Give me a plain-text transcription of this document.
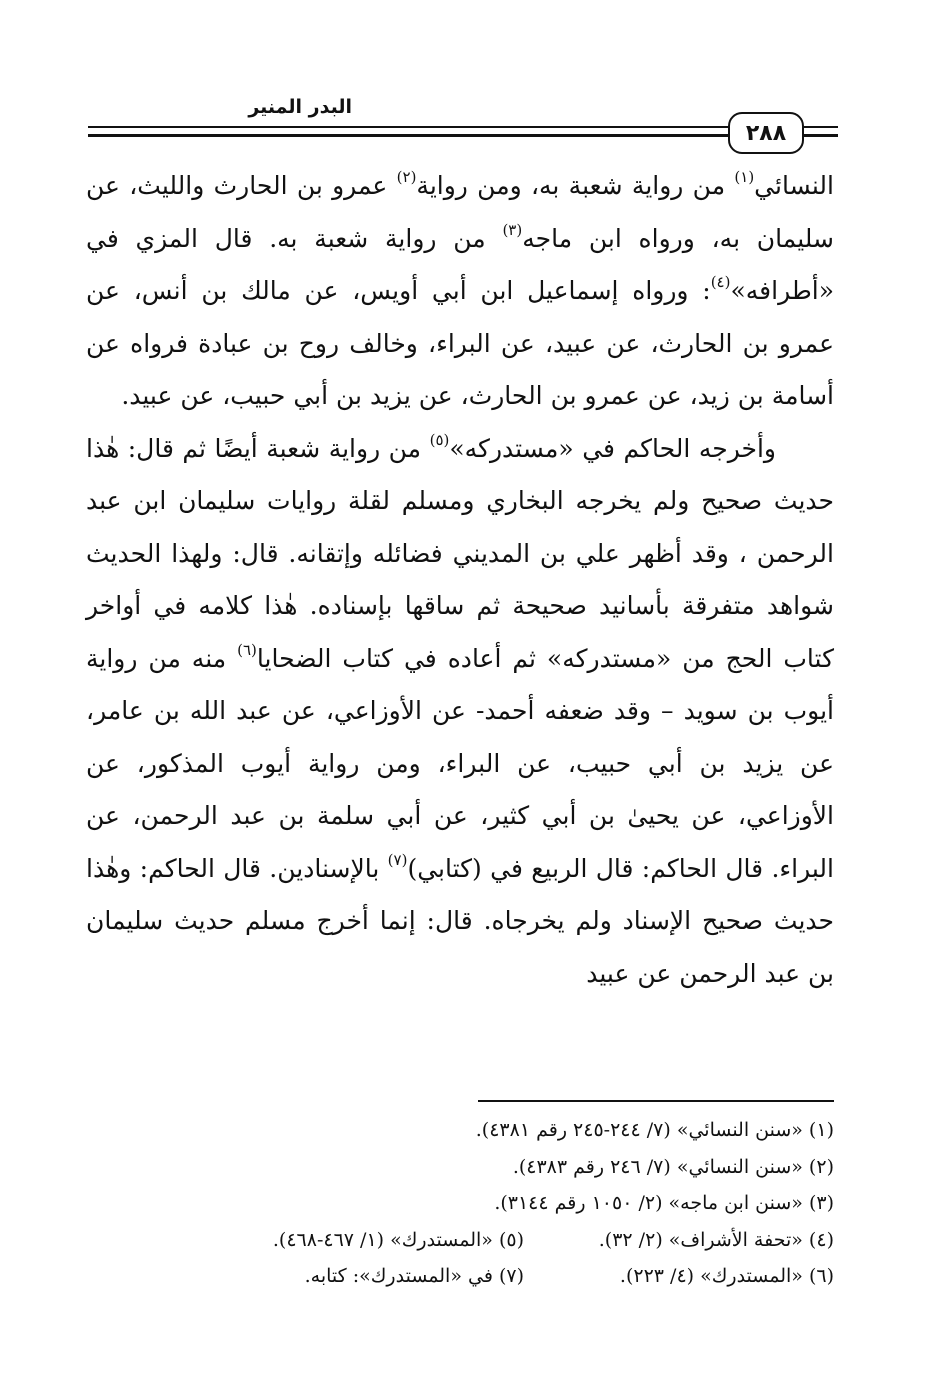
البدر المنير
٢٨٨

النسائي$^{(١)}$ من رواية شعبة به، ومن رواية$^{(٢)}$ عمرو بن الحارث والليث، عن سليمان به، ورواه ابن ماجه$^{(٣)}$ من رواية شعبة به. قال المزي في «أطرافه»$^{(٤)}$: ورواه إسماعيل ابن أبي أويس، عن مالك بن أنس، عن عمرو بن الحارث، عن عبيد، عن البراء، وخالف روح بن عبادة فرواه عن أسامة بن زيد، عن عمرو بن الحارث، عن يزيد بن أبي حبيب، عن عبيد.

وأخرجه الحاكم في «مستدركه»$^{(٥)}$ من رواية شعبة أيضًا ثم قال: هٰذا حديث صحيح ولم يخرجه البخاري ومسلم لقلة روايات سليمان ابن عبد الرحمن ، وقد أظهر علي بن المديني فضائله وإتقانه. قال: ولهذا الحديث شواهد متفرقة بأسانيد صحيحة ثم ساقها بإسناده. هٰذا كلامه في أواخر كتاب الحج من «مستدركه» ثم أعاده في كتاب الضحايا$^{(٦)}$ منه من رواية أيوب بن سويد – وقد ضعفه أحمد- عن الأوزاعي، عن عبد الله بن عامر، عن يزيد بن أبي حبيب، عن البراء، ومن رواية أيوب المذكور، عن الأوزاعي، عن يحيىٰ بن أبي كثير، عن أبي سلمة بن عبد الرحمن، عن البراء. قال الحاكم: قال الربيع في (كتابي)$^{(٧)}$ بالإسنادين. قال الحاكم: وهٰذا حديث صحيح الإسناد ولم يخرجاه. قال: إنما أخرج مسلم حديث سليمان بن عبد الرحمن عن عبيد

(١) «سنن النسائي» (٧/ ٢٤٤-٢٤٥ رقم ٤٣٨١).
(٢) «سنن النسائي» (٧/ ٢٤٦ رقم ٤٣٨٣).
(٣) «سنن ابن ماجه» (٢/ ١٠٥٠ رقم ٣١٤٤).
(٤) «تحفة الأشراف» (٢/ ٣٢).
(٥) «المستدرك» (١/ ٤٦٧-٤٦٨).
(٦) «المستدرك» (٤/ ٢٢٣).
(٧) في «المستدرك»: كتابه.
